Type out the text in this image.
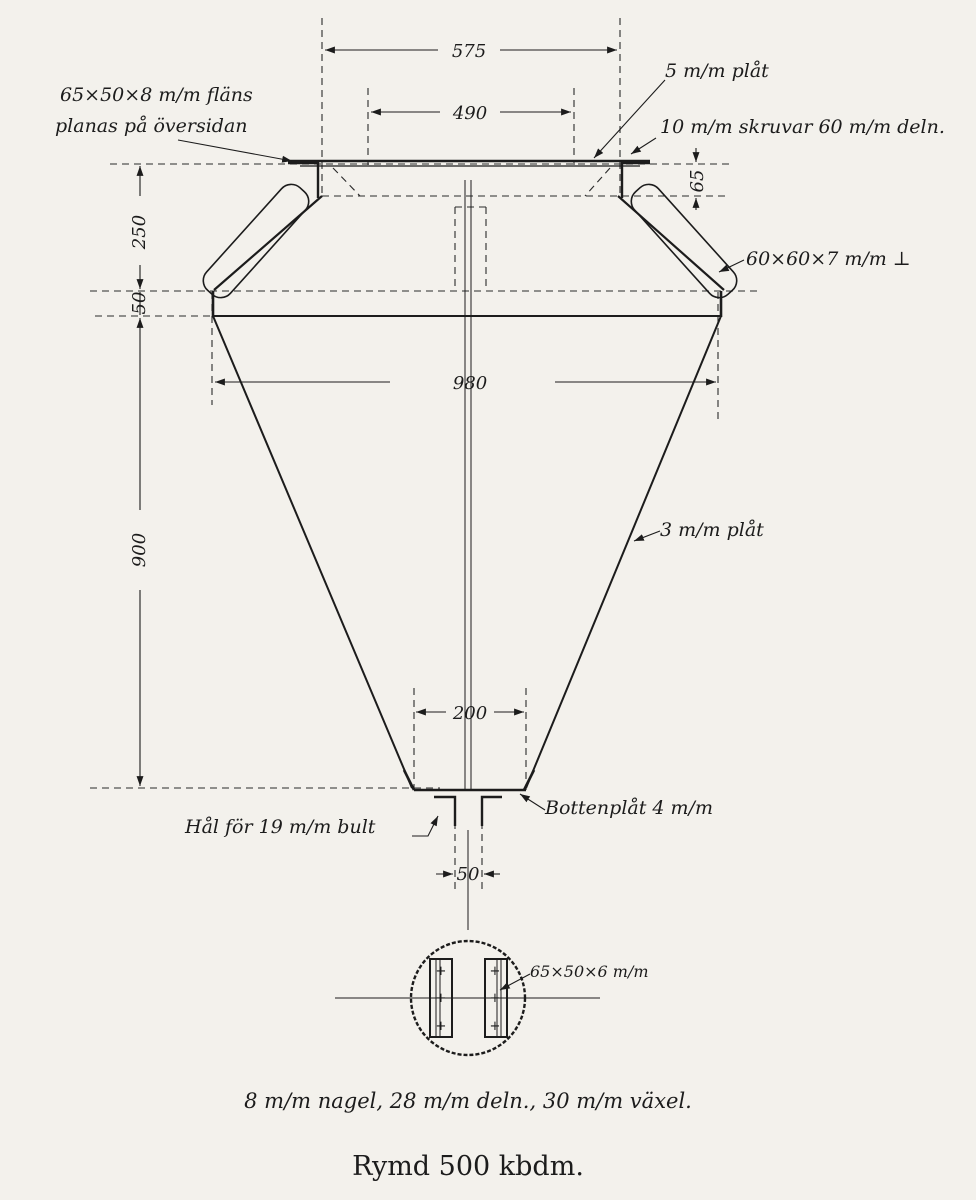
575
490
980
200
50
250
50
900
65
65×50×8 m/m fläns
planas på översidan
5 m/m plåt
10 m/m skruvar 60 m/m deln.
60×60×7 m/m ⊥
3 m/m plåt
Bottenplåt 4 m/m
Hål för 19 m/m bult
+
+
+
+
+
+
65×50×6 m/m
8 m/m nagel, 28 m/m deln., 30 m/m växel.
Rymd 500 kbdm.
